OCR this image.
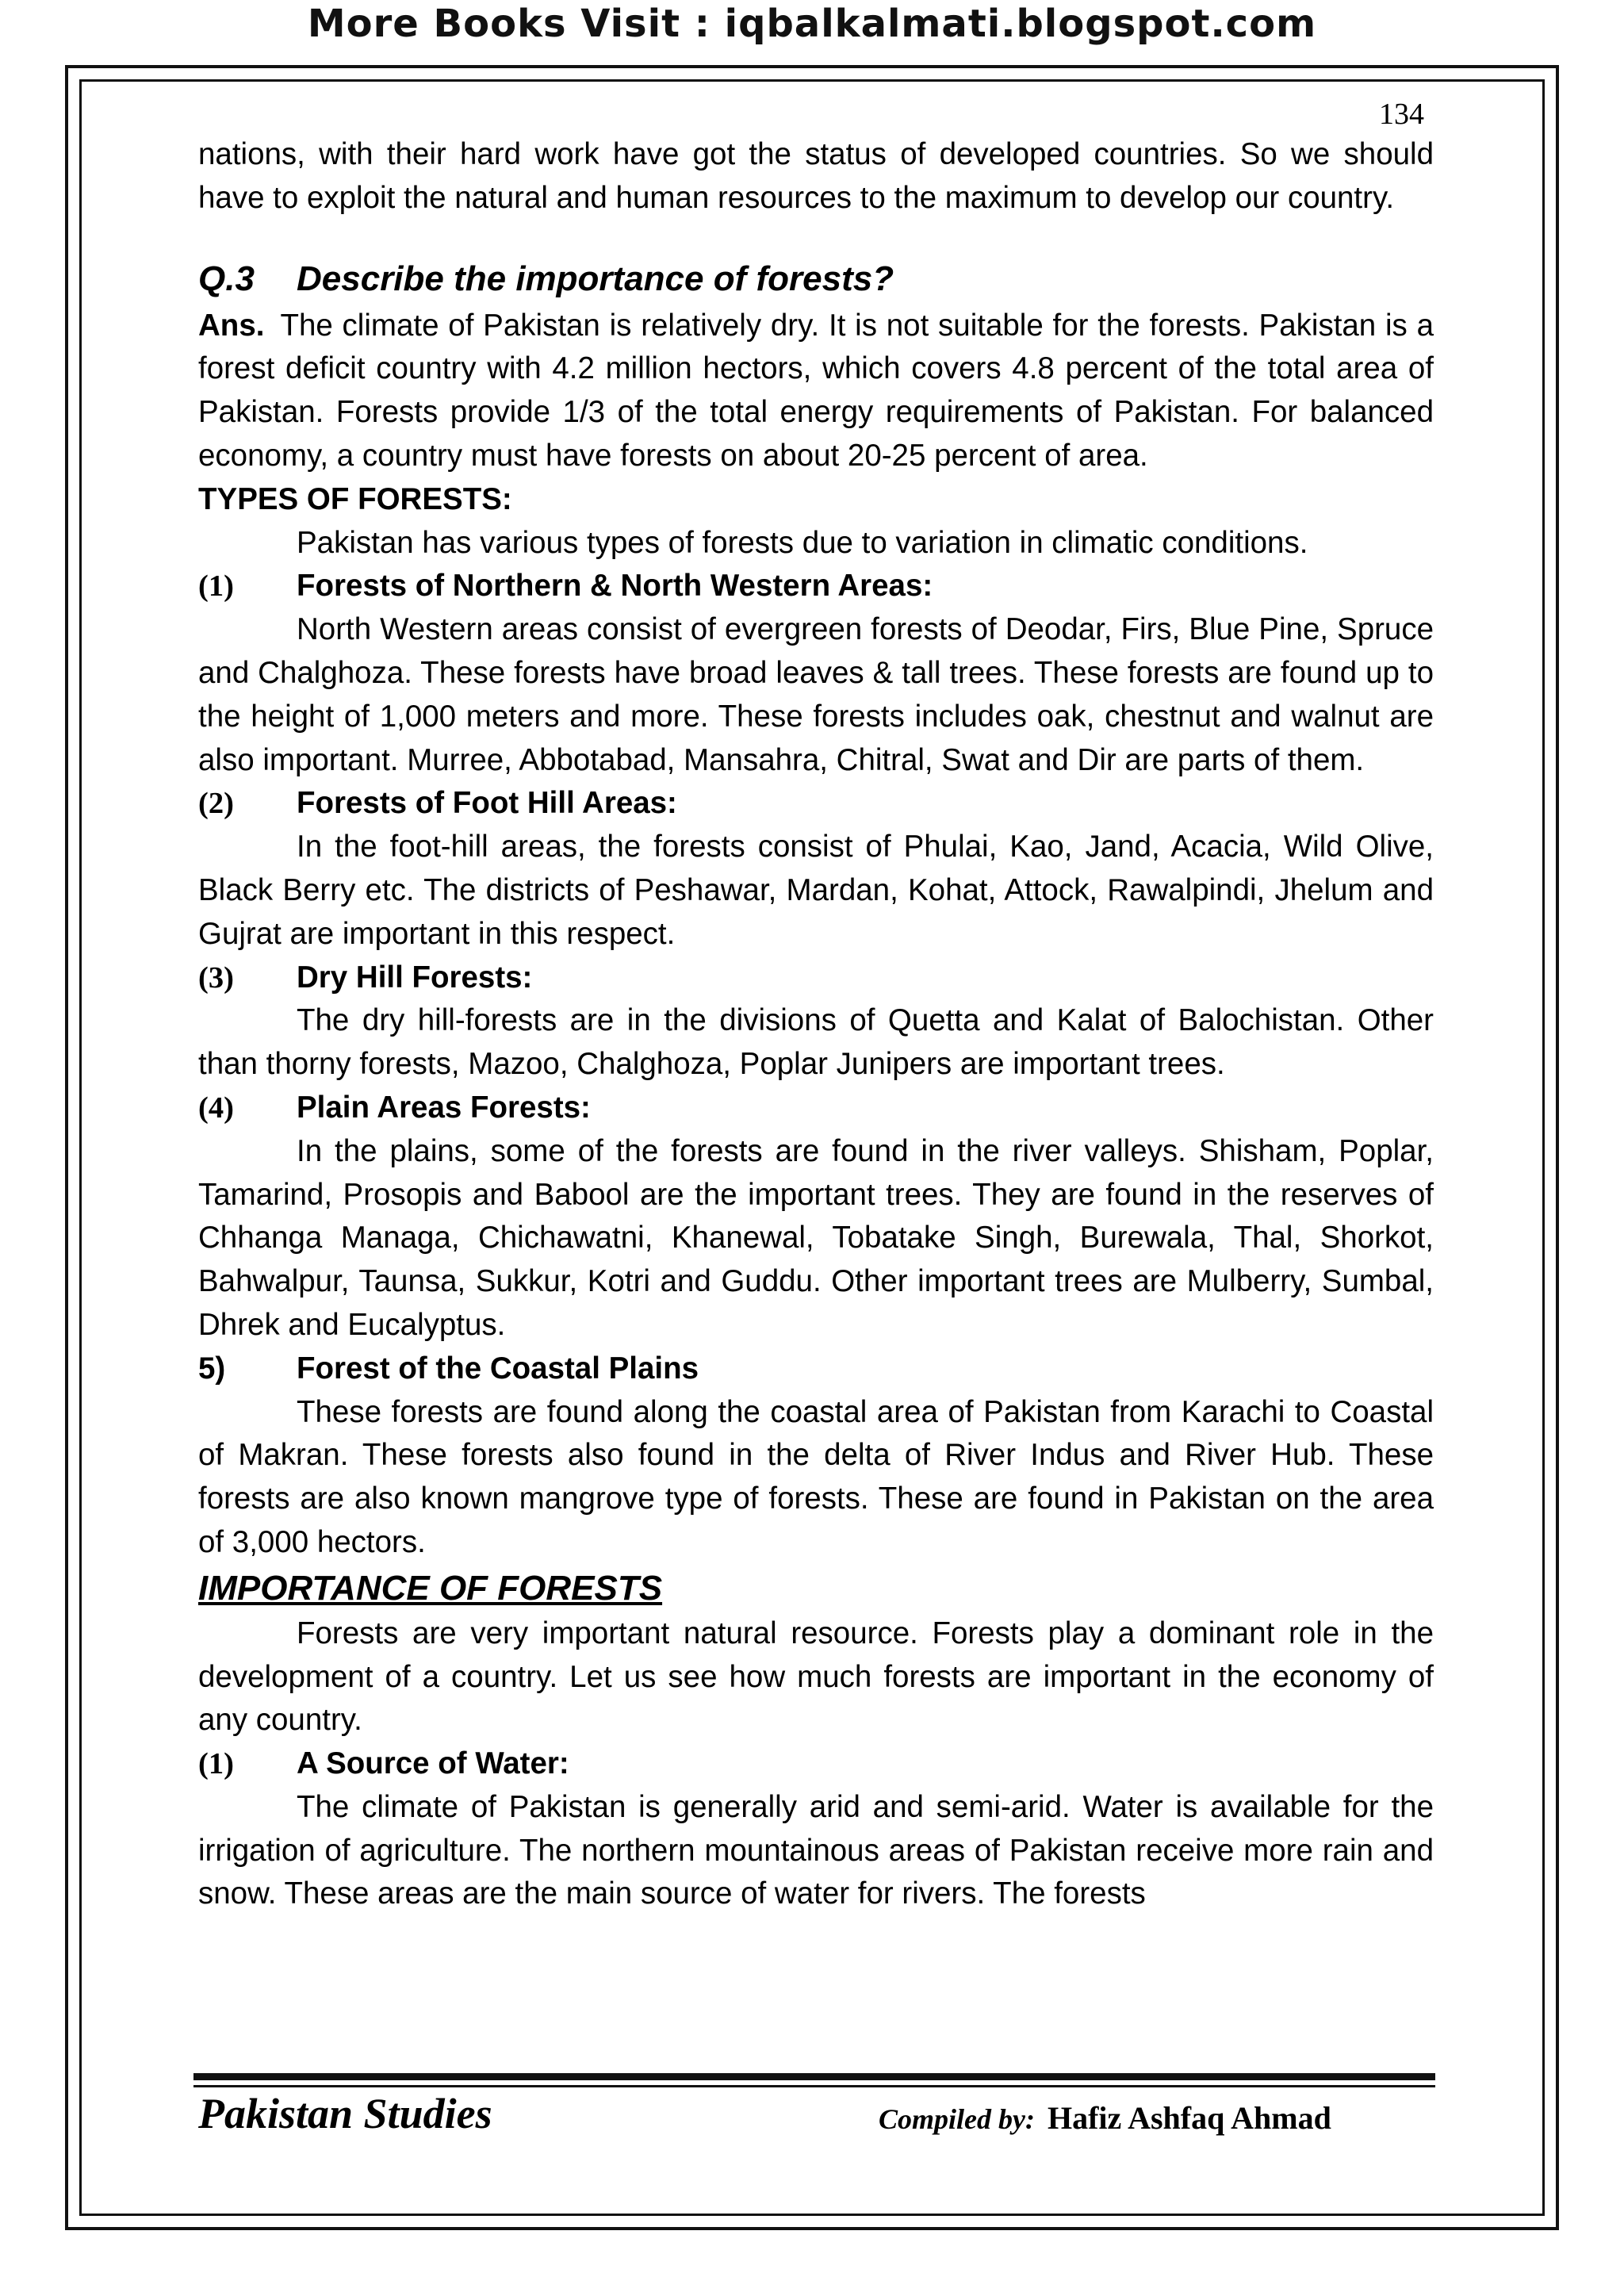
More Books Visit : iqbalkalmati.blogspot.com
134

nations, with their hard work have got the status of developed countries. So we should have to exploit the natural and human resources to the maximum to develop our country.

Q.3 Describe the importance of forests?

Ans. The climate of Pakistan is relatively dry. It is not suitable for the forests. Pakistan is a forest deficit country with 4.2 million hectors, which covers 4.8 percent of the total area of Pakistan. Forests provide 1/3 of the total energy requirements of Pakistan. For balanced economy, a country must have forests on about 20-25 percent of area.

TYPES OF FORESTS:

Pakistan has various types of forests due to variation in climatic conditions.

(1) Forests of Northern & North Western Areas:

North Western areas consist of evergreen forests of Deodar, Firs, Blue Pine, Spruce and Chalghoza. These forests have broad leaves & tall trees. These forests are found up to the height of 1,000 meters and more. These forests includes oak, chestnut and walnut are also important. Murree, Abbotabad, Mansahra, Chitral, Swat and Dir are parts of them.

(2) Forests of Foot Hill Areas:

In the foot-hill areas, the forests consist of Phulai, Kao, Jand, Acacia, Wild Olive, Black Berry etc. The districts of Peshawar, Mardan, Kohat, Attock, Rawalpindi, Jhelum and Gujrat are important in this respect.

(3) Dry Hill Forests:

The dry hill-forests are in the divisions of Quetta and Kalat of Balochistan. Other than thorny forests, Mazoo, Chalghoza, Poplar Junipers are important trees.

(4) Plain Areas Forests:

In the plains, some of the forests are found in the river valleys. Shisham, Poplar, Tamarind, Prosopis and Babool are the important trees. They are found in the reserves of Chhanga Managa, Chichawatni, Khanewal, Tobatake Singh, Burewala, Thal, Shorkot, Bahwalpur, Taunsa, Sukkur, Kotri and Guddu. Other important trees are Mulberry, Sumbal, Dhrek and Eucalyptus.

5) Forest of the Coastal Plains

These forests are found along the coastal area of Pakistan from Karachi to Coastal of Makran. These forests also found in the delta of River Indus and River Hub. These forests are also known mangrove type of forests. These are found in Pakistan on the area of 3,000 hectors.

IMPORTANCE OF FORESTS

Forests are very important natural resource. Forests play a dominant role in the development of a country. Let us see how much forests are important in the economy of any country.

(1) A Source of Water:

The climate of Pakistan is generally arid and semi-arid. Water is available for the irrigation of agriculture. The northern mountainous areas of Pakistan receive more rain and snow. These areas are the main source of water for rivers. The forests

Pakistan Studies	Compiled by: Hafiz Ashfaq Ahmad
